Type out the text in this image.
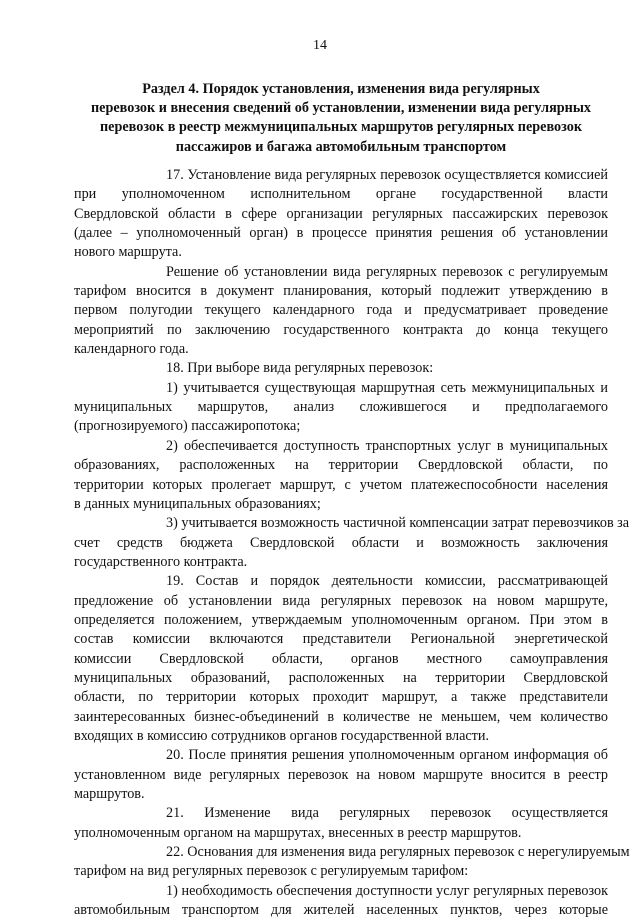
14
Раздел 4. Порядок установления, изменения вида регулярных
перевозок и внесения сведений об установлении, изменении вида регулярных
перевозок в реестр межмуниципальных маршрутов регулярных перевозок
пассажиров и багажа автомобильным транспортом
17. Установление вида регулярных перевозок осуществляется комиссией
при уполномоченном исполнительном органе государственной власти
Свердловской области в сфере организации регулярных пассажирских перевозок
(далее – уполномоченный орган) в процессе принятия решения об установлении
нового маршрута.
Решение об установлении вида регулярных перевозок с регулируемым
тарифом вносится в документ планирования, который подлежит утверждению в
первом полугодии текущего календарного года и предусматривает проведение
мероприятий по заключению государственного контракта до конца текущего
календарного года.
18. При выборе вида регулярных перевозок:
1) учитывается существующая маршрутная сеть межмуниципальных и
муниципальных маршрутов, анализ сложившегося и предполагаемого
(прогнозируемого) пассажиропотока;
2) обеспечивается доступность транспортных услуг в муниципальных
образованиях, расположенных на территории Свердловской области, по
территории которых пролегает маршрут, с учетом платежеспособности населения
в данных муниципальных образованиях;
3) учитывается возможность частичной компенсации затрат перевозчиков за
счет средств бюджета Свердловской области и возможность заключения
государственного контракта.
19. Состав и порядок деятельности комиссии, рассматривающей
предложение об установлении вида регулярных перевозок на новом маршруте,
определяется положением, утверждаемым уполномоченным органом. При этом в
состав комиссии включаются представители Региональной энергетической
комиссии Свердловской области, органов местного самоуправления
муниципальных образований, расположенных на территории Свердловской
области, по территории которых проходит маршрут, а также представители
заинтересованных бизнес-объединений в количестве не меньшем, чем количество
входящих в комиссию сотрудников органов государственной власти.
20. После принятия решения уполномоченным органом информация об
установленном виде регулярных перевозок на новом маршруте вносится в реестр
маршрутов.
21. Изменение вида регулярных перевозок осуществляется
уполномоченным органом на маршрутах, внесенных в реестр маршрутов.
22. Основания для изменения вида регулярных перевозок с нерегулируемым
тарифом на вид регулярных перевозок с регулируемым тарифом:
1) необходимость обеспечения доступности услуг регулярных перевозок
автомобильным транспортом для жителей населенных пунктов, через которые
